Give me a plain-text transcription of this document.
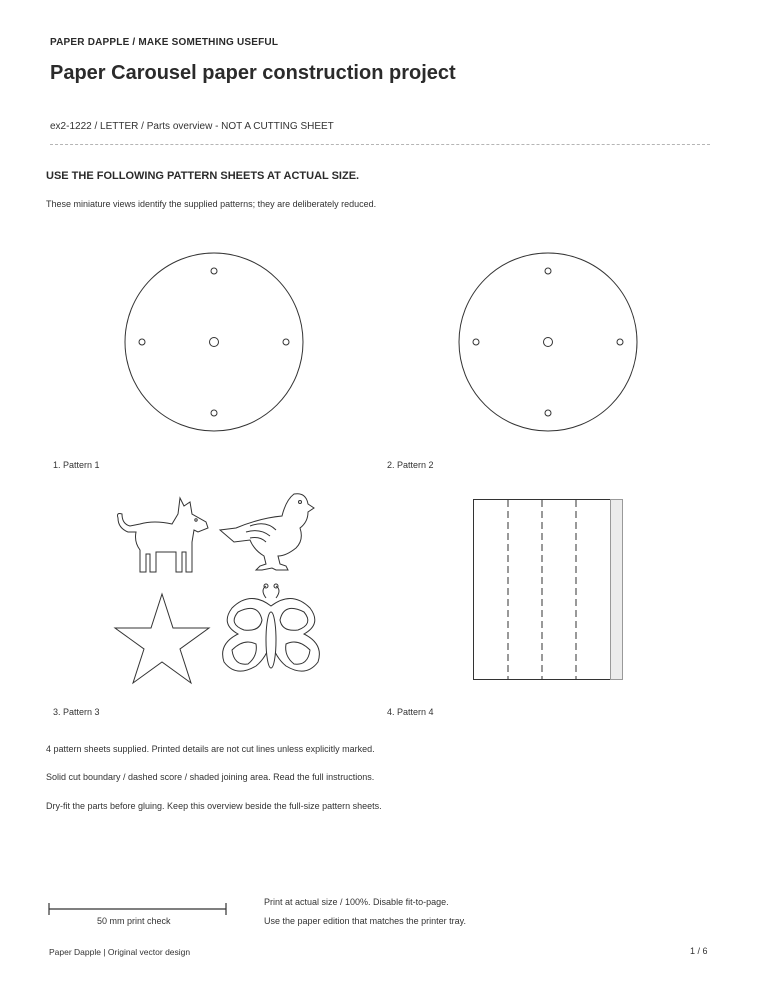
PAPER DAPPLE / MAKE SOMETHING USEFUL
Paper Carousel paper construction project
ex2-1222 / LETTER / Parts overview - NOT A CUTTING SHEET
USE THE FOLLOWING PATTERN SHEETS AT ACTUAL SIZE.
These miniature views identify the supplied patterns; they are deliberately reduced.
1. Pattern 1	2. Pattern 2
3. Pattern 3	4. Pattern 4
4 pattern sheets supplied. Printed details are not cut lines unless explicitly marked.
Solid cut boundary / dashed score / shaded joining area. Read the full instructions.
Dry-fit the parts before gluing. Keep this overview beside the full-size pattern sheets.
50 mm print check
Print at actual size / 100%. Disable fit-to-page.
Use the paper edition that matches the printer tray.
Paper Dapple | Original vector design	1 / 6
